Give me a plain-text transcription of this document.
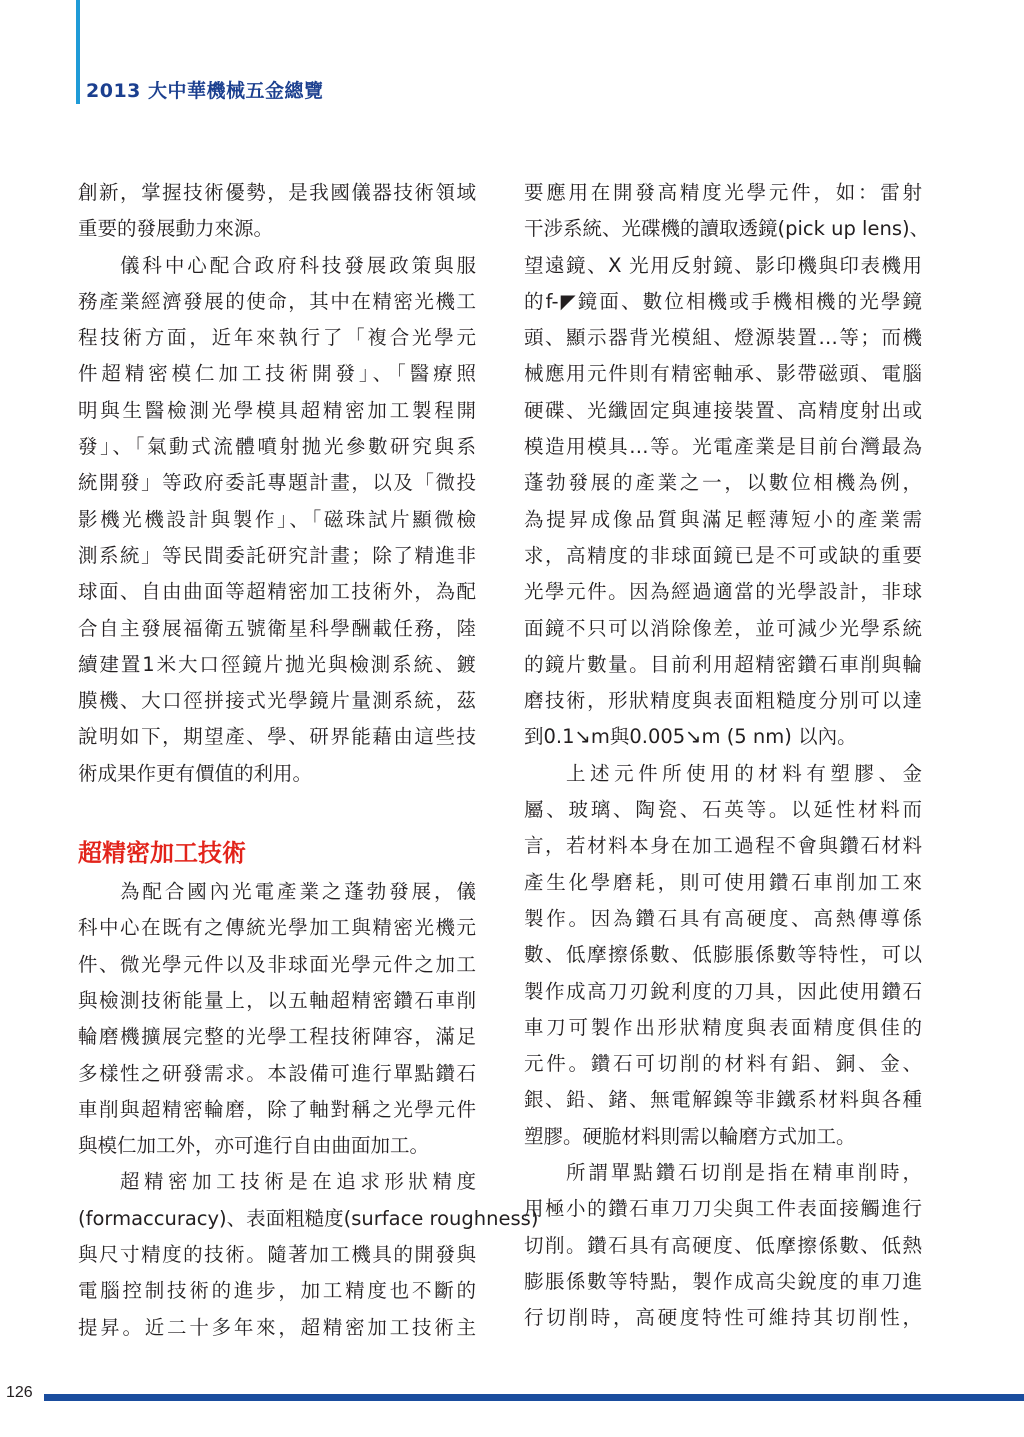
2013 大中華機械五金總覽
創新，掌握技術優勢，是我國儀器技術領域
重要的發展動力來源。
儀科中心配合政府科技發展政策與服
務產業經濟發展的使命，其中在精密光機工
程技術方面，近年來執行了「複合光學元
件超精密模仁加工技術開發」、「醫療照
明與生醫檢測光學模具超精密加工製程開
發」、「氣動式流體噴射拋光參數研究與系
統開發」等政府委託專題計畫，以及「微投
影機光機設計與製作」、「磁珠試片顯微檢
測系統」等民間委託研究計畫；除了精進非
球面、自由曲面等超精密加工技術外，為配
合自主發展福衛五號衛星科學酬載任務，陸
續建置1米大口徑鏡片拋光與檢測系統、鍍
膜機、大口徑拼接式光學鏡片量測系統，茲
說明如下，期望產、學、研界能藉由這些技
術成果作更有價值的利用。
超精密加工技術
為配合國內光電產業之蓬勃發展，儀
科中心在既有之傳統光學加工與精密光機元
件、微光學元件以及非球面光學元件之加工
與檢測技術能量上，以五軸超精密鑽石車削
輪磨機擴展完整的光學工程技術陣容，滿足
多樣性之研發需求。本設備可進行單點鑽石
車削與超精密輪磨，除了軸對稱之光學元件
與模仁加工外，亦可進行自由曲面加工。
超精密加工技術是在追求形狀精度
(formaccuracy)、表面粗糙度(surface roughness)
與尺寸精度的技術。隨著加工機具的開發與
電腦控制技術的進步，加工精度也不斷的
提昇。近二十多年來，超精密加工技術主
要應用在開發高精度光學元件，如：雷射
干涉系統、光碟機的讀取透鏡(pick up lens)、
望遠鏡、X 光用反射鏡、影印機與印表機用
的f-◤鏡面、數位相機或手機相機的光學鏡
頭、顯示器背光模組、燈源裝置…等；而機
械應用元件則有精密軸承、影帶磁頭、電腦
硬碟、光纖固定與連接裝置、高精度射出或
模造用模具…等。光電產業是目前台灣最為
蓬勃發展的產業之一，以數位相機為例，
為提昇成像品質與滿足輕薄短小的產業需
求，高精度的非球面鏡已是不可或缺的重要
光學元件。因為經過適當的光學設計，非球
面鏡不只可以消除像差，並可減少光學系統
的鏡片數量。目前利用超精密鑽石車削與輪
磨技術，形狀精度與表面粗糙度分別可以達
到0.1↘m與0.005↘m (5 nm) 以內。
上述元件所使用的材料有塑膠、金
屬、玻璃、陶瓷、石英等。以延性材料而
言，若材料本身在加工過程不會與鑽石材料
產生化學磨耗，則可使用鑽石車削加工來
製作。因為鑽石具有高硬度、高熱傳導係
數、低摩擦係數、低膨脹係數等特性，可以
製作成高刀刃銳利度的刀具，因此使用鑽石
車刀可製作出形狀精度與表面精度俱佳的
元件。鑽石可切削的材料有鋁、銅、金、
銀、鉛、鍺、無電解鎳等非鐵系材料與各種
塑膠。硬脆材料則需以輪磨方式加工。
所謂單點鑽石切削是指在精車削時，
用極小的鑽石車刀刀尖與工件表面接觸進行
切削。鑽石具有高硬度、低摩擦係數、低熱
膨脹係數等特點，製作成高尖銳度的車刀進
行切削時，高硬度特性可維持其切削性，
126
